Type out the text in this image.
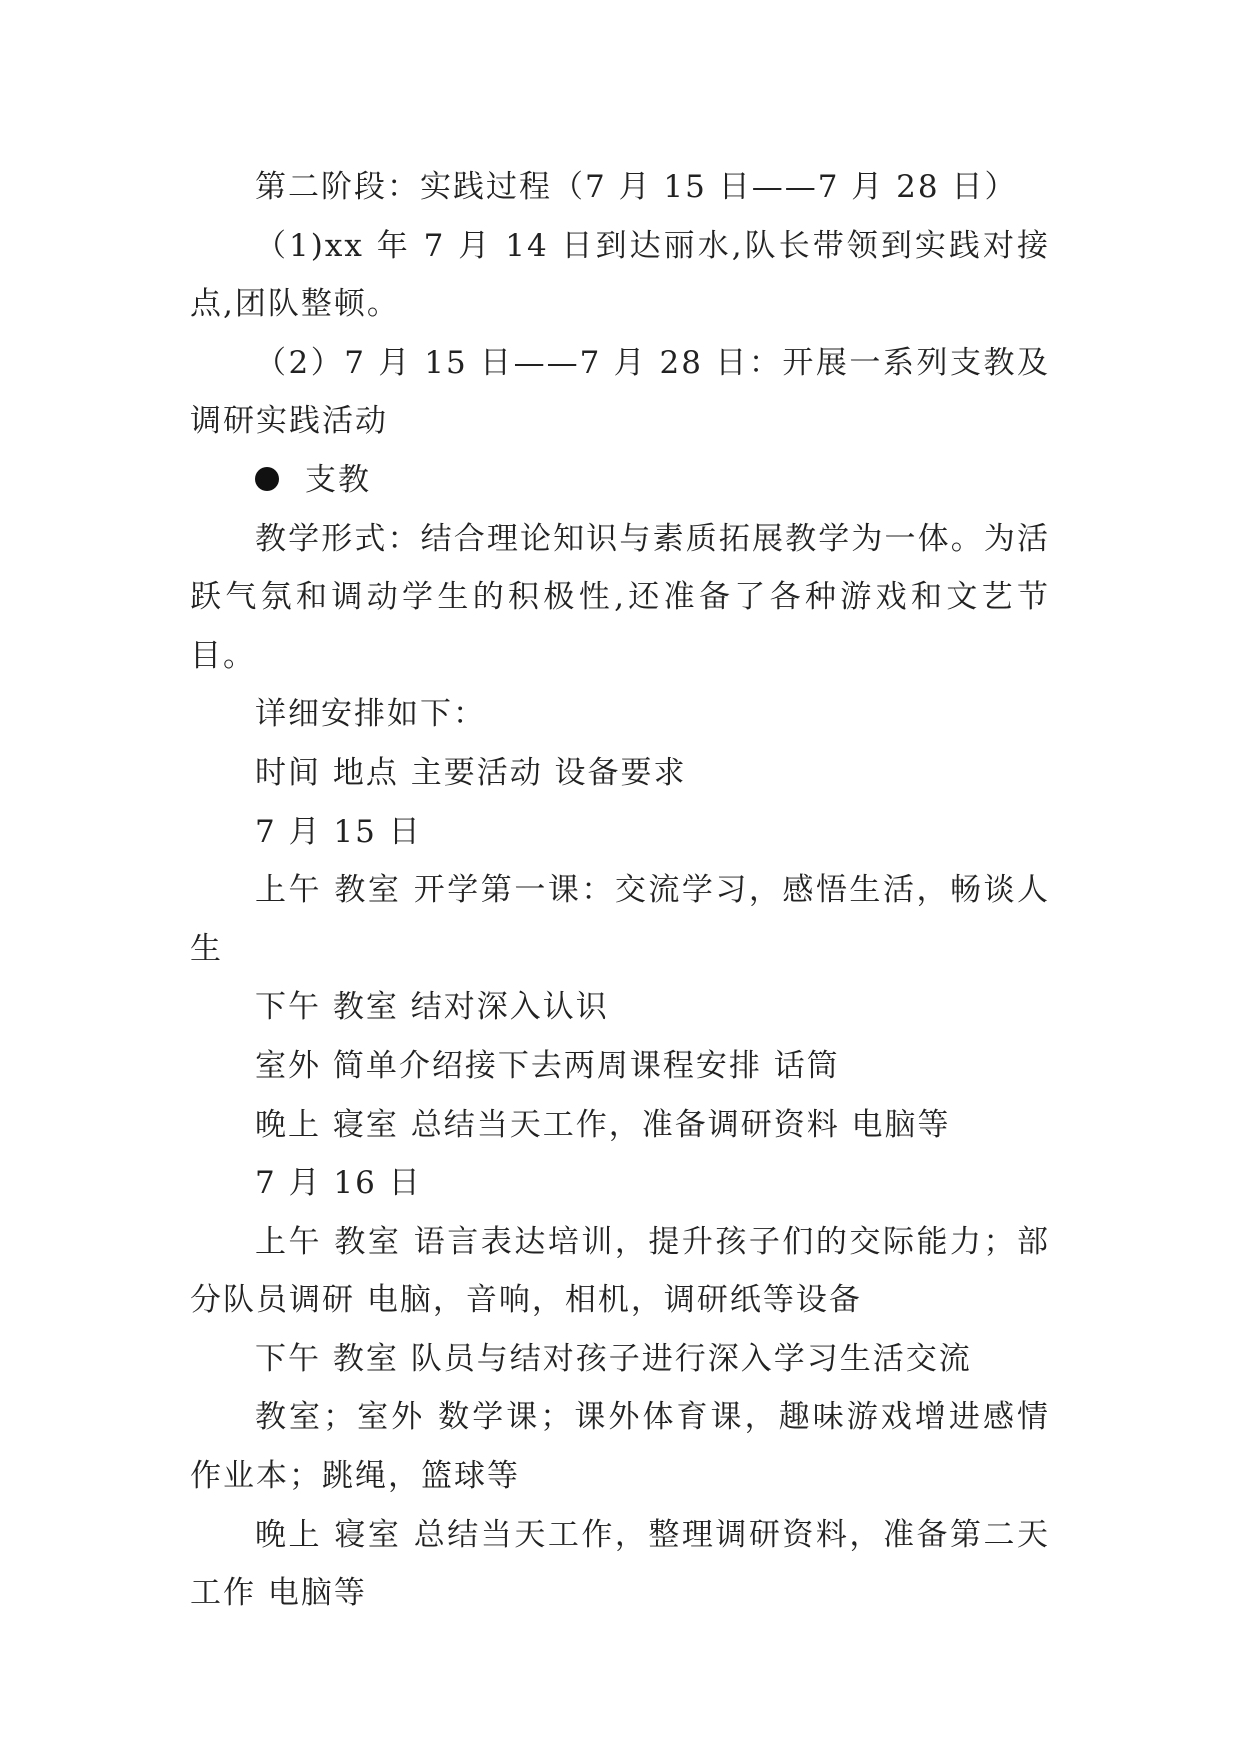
第二阶段：实践过程（7 月 15 日——7 月 28 日）

（1)xx 年 7 月 14 日到达丽水,队长带领到实践对接点,团队整顿。

（2）7 月 15 日——7 月 28 日：开展一系列支教及调研实践活动

支教

教学形式：结合理论知识与素质拓展教学为一体。为活跃气氛和调动学生的积极性,还准备了各种游戏和文艺节目。

详细安排如下：

时间 地点 主要活动 设备要求

7 月 15 日

上午 教室 开学第一课：交流学习，感悟生活，畅谈人生

下午 教室 结对深入认识

室外 简单介绍接下去两周课程安排 话筒

晚上 寝室 总结当天工作，准备调研资料 电脑等

7 月 16 日

上午 教室 语言表达培训，提升孩子们的交际能力；部分队员调研 电脑，音响，相机，调研纸等设备

下午 教室 队员与结对孩子进行深入学习生活交流

教室；室外 数学课；课外体育课，趣味游戏增进感情作业本；跳绳，篮球等

晚上 寝室 总结当天工作，整理调研资料，准备第二天工作 电脑等
